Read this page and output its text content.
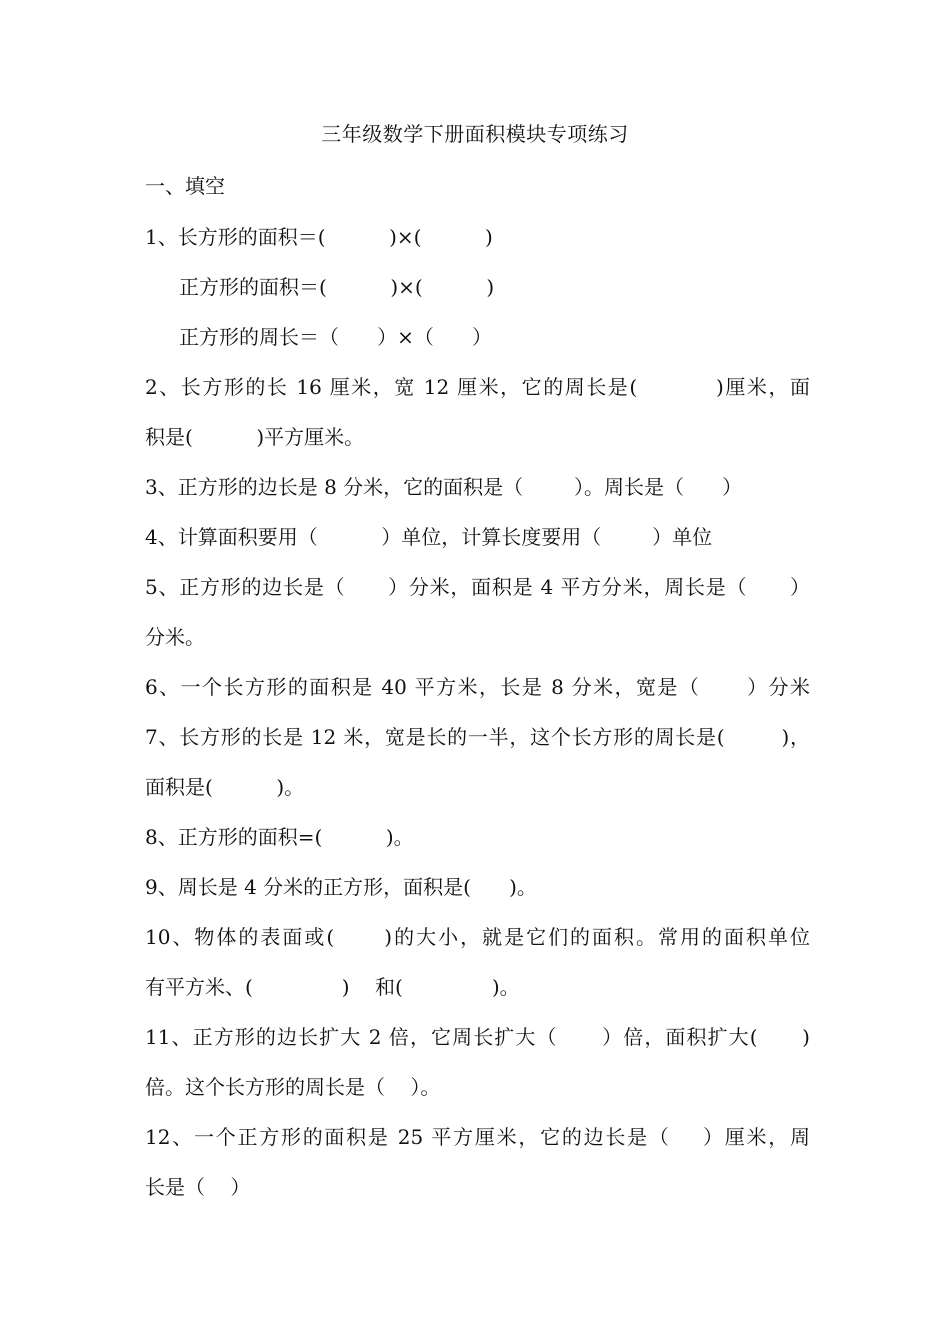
三年级数学下册面积模块专项练习
一、填空
1、长方形的面积＝(          )×(          )
正方形的面积＝(          )×(          )
正方形的周长＝（      ）×（      ）
2、长方形的长 16 厘米，宽 12 厘米，它的周长是(          )厘米，面
积是(          )平方厘米。
3、正方形的边长是 8 分米，它的面积是（        ）。周长是（      ）
4、计算面积要用（          ）单位，计算长度要用（        ）单位
5、正方形的边长是（      ）分米，面积是 4 平方分米，周长是（      ）
分米。
6、一个长方形的面积是 40 平方米，长是 8 分米，宽是（      ）分米
7、长方形的长是 12 米，宽是长的一半，这个长方形的周长是(        )，
面积是(          )。
8、正方形的面积=(          )。
9、周长是 4 分米的正方形，面积是(      )。
10、物体的表面或(      )的大小，就是它们的面积。常用的面积单位
有平方米、(              )    和(              )。
11、正方形的边长扩大 2 倍，它周长扩大（      ）倍，面积扩大(      )
倍。这个长方形的周长是（    ）。
12、一个正方形的面积是 25 平方厘米，它的边长是（    ）厘米，周
长是（    ）
